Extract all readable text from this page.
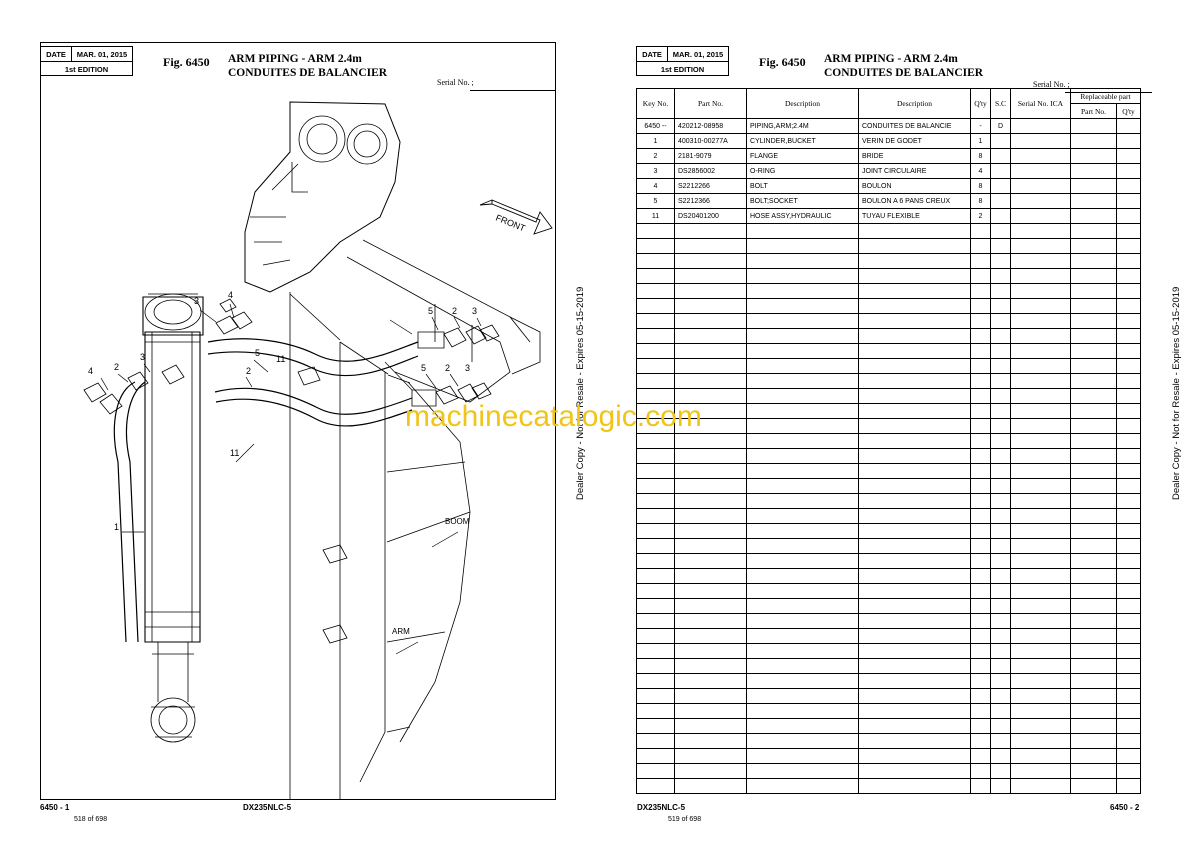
DATE	MAR. 01, 2015
1st EDITION	Fig. 6450 ARM PIPING - ARM 2.4m
CONDUITES DE BALANCIER
Serial No. ;
1
11
11
3
4
2
5
4 2
3
5 2 3
5 2 3
FRONT
BOOM
ARM
6450 - 1
518 of 698
DX235NLC-5
Dealer Copy - Not for Resale - Expires 05-15-2019
DATE	MAR. 01, 2015
1st EDITION	Fig. 6450 ARM PIPING - ARM 2.4m
CONDUITES DE BALANCIER
Serial No. ;
Key No.	Part No.	Description	Description	Q'ty	S.C	Serial No. ICA	Replaceable part	
							Part No.	Q'ty
6450 --	420212-08958	PIPING,ARM;2.4M	CONDUITES DE BALANCIE	-	D			
1	400310-00277A	CYLINDER,BUCKET	VERIN DE GODET	1				
2	2181-9079	FLANGE	BRIDE	8				
3	DS2856002	O-RING	JOINT CIRCULAIRE	4				
4	S2212266	BOLT	BOULON	8				
5	S2212366	BOLT;SOCKET	BOULON A 6 PANS CREUX	8				
11	DS20401200	HOSE ASSY,HYDRAULIC	TUYAU FLEXIBLE	2				

machinecatalogic.com	Dealer Copy - Not for Resale - Expires 05-15-2019
DX235NLC-5
519 of 698
6450 - 2
